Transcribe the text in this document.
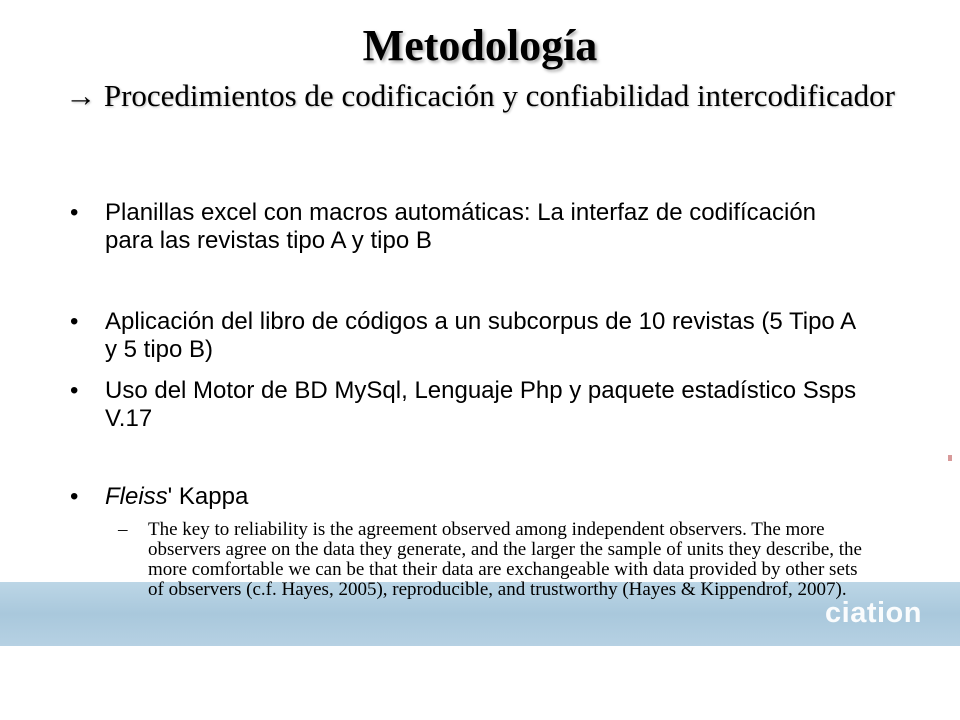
ciation

Metodología

→ Procedimientos de codificación y confiabilidad intercodificador

• Planillas excel con macros automáticas: La interfaz de codifícación para las revistas tipo A y tipo B
• Aplicación del libro de códigos a un subcorpus de 10 revistas (5 Tipo A y 5 tipo B)
• Uso del Motor de BD MySql, Lenguaje Php y paquete estadístico Ssps V.17
• Fleiss' Kappa
– The key to reliability is the agreement observed among independent observers. The more observers agree on the data they generate, and the larger the sample of units they describe, the more comfortable we can be that their data are exchangeable with data provided by other sets of observers (c.f. Hayes, 2005), reproducible, and trustworthy (Hayes & Kippendrof, 2007).
